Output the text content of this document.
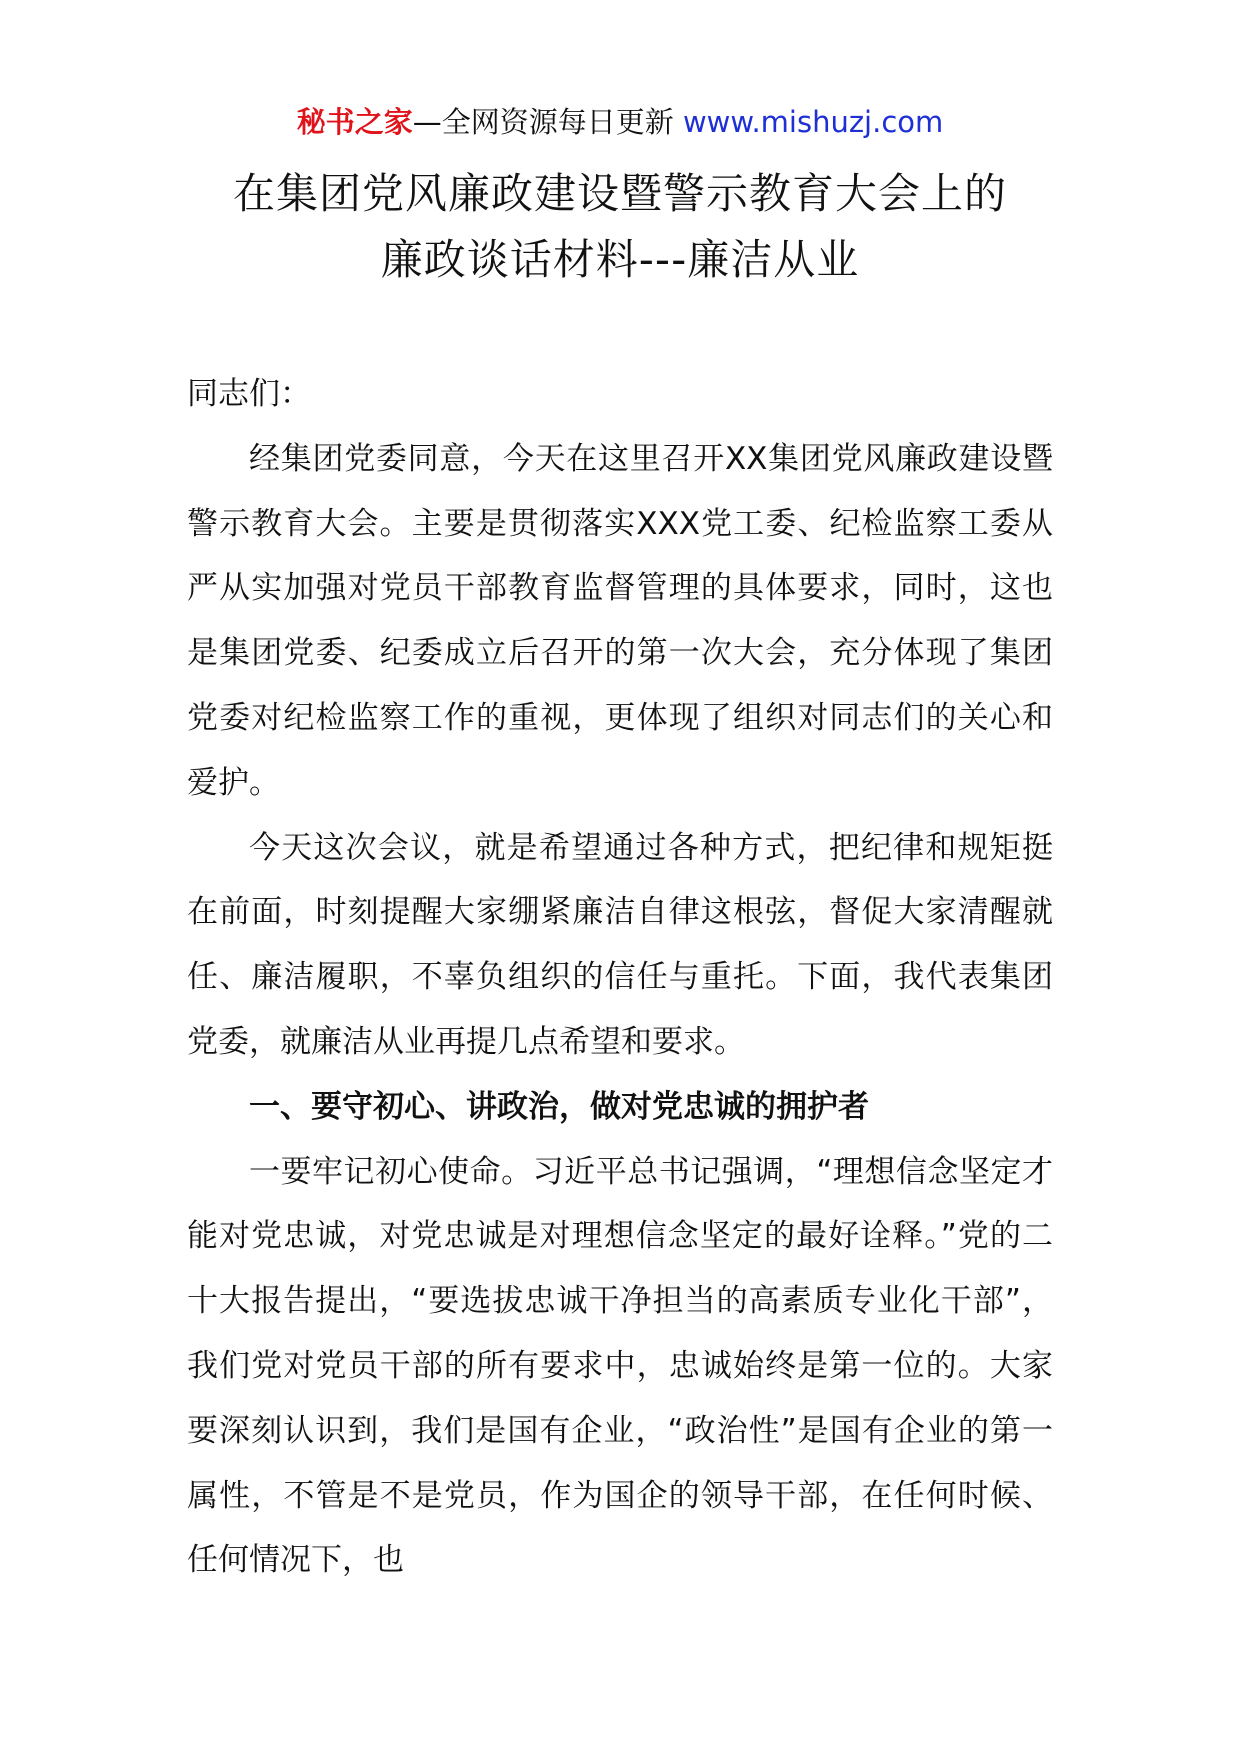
秘书之家—全网资源每日更新 www.mishuzj.com
在集团党风廉政建设暨警示教育大会上的
廉政谈话材料---廉洁从业

同志们：

经集团党委同意，今天在这里召开XX集团党风廉政建设暨警示教育大会。主要是贯彻落实XXX党工委、纪检监察工委从严从实加强对党员干部教育监督管理的具体要求，同时，这也是集团党委、纪委成立后召开的第一次大会，充分体现了集团党委对纪检监察工作的重视，更体现了组织对同志们的关心和爱护。

今天这次会议，就是希望通过各种方式，把纪律和规矩挺在前面，时刻提醒大家绷紧廉洁自律这根弦，督促大家清醒就任、廉洁履职，不辜负组织的信任与重托。下面，我代表集团党委，就廉洁从业再提几点希望和要求。

一、要守初心、讲政治，做对党忠诚的拥护者

一要牢记初心使命。习近平总书记强调，“理想信念坚定才能对党忠诚，对党忠诚是对理想信念坚定的最好诠释。”党的二十大报告提出，“要选拔忠诚干净担当的高素质专业化干部”，我们党对党员干部的所有要求中，忠诚始终是第一位的。大家要深刻认识到，我们是国有企业，“政治性”是国有企业的第一属性，不管是不是党员，作为国企的领导干部，在任何时候、任何情况下，也
